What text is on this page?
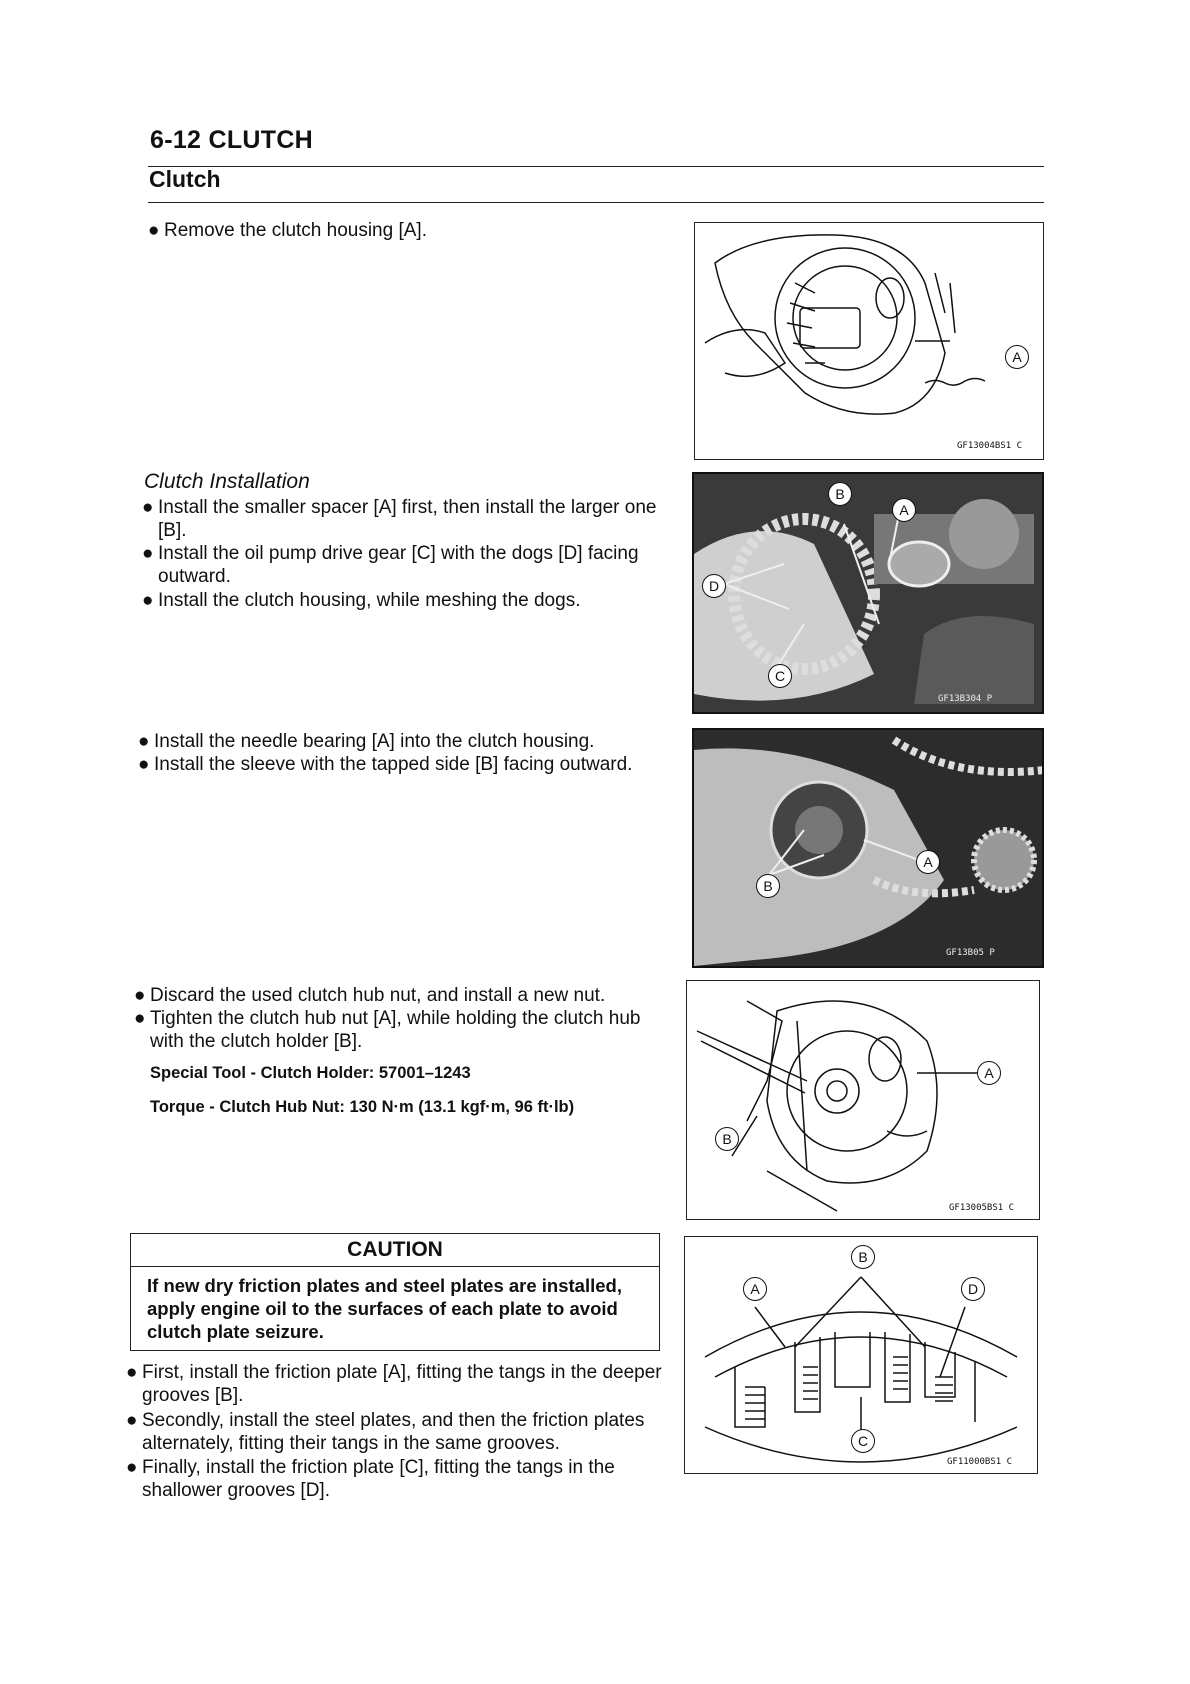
6-12 CLUTCH
Clutch
● Remove the clutch housing [A].
A
GF13004BS1 C
Clutch Installation
● Install the smaller spacer [A] first, then install the larger one [B].
● Install the oil pump drive gear [C] with the dogs [D] facing outward.
● Install the clutch housing, while meshing the dogs.
B
A
D
C
GF13B304 P
● Install the needle bearing [A] into the clutch housing.
● Install the sleeve with the tapped side [B] facing outward.
B
A
GF13B05 P
● Discard the used clutch hub nut, and install a new nut.
● Tighten the clutch hub nut [A], while holding the clutch hub with the clutch holder [B].
Special Tool - Clutch Holder: 57001–1243
Torque - Clutch Hub Nut: 130 N·m (13.1 kgf·m, 96 ft·lb)
A
B
GF13005BS1 C
CAUTION
If new dry friction plates and steel plates are installed, apply engine oil to the surfaces of each plate to avoid clutch plate seizure.
● First, install the friction plate [A], fitting the tangs in the deeper grooves [B].
● Secondly, install the steel plates, and then the friction plates alternately, fitting their tangs in the same grooves.
● Finally, install the friction plate [C], fitting the tangs in the shallower grooves [D].
B
A	D
C
GF11000BS1 C
